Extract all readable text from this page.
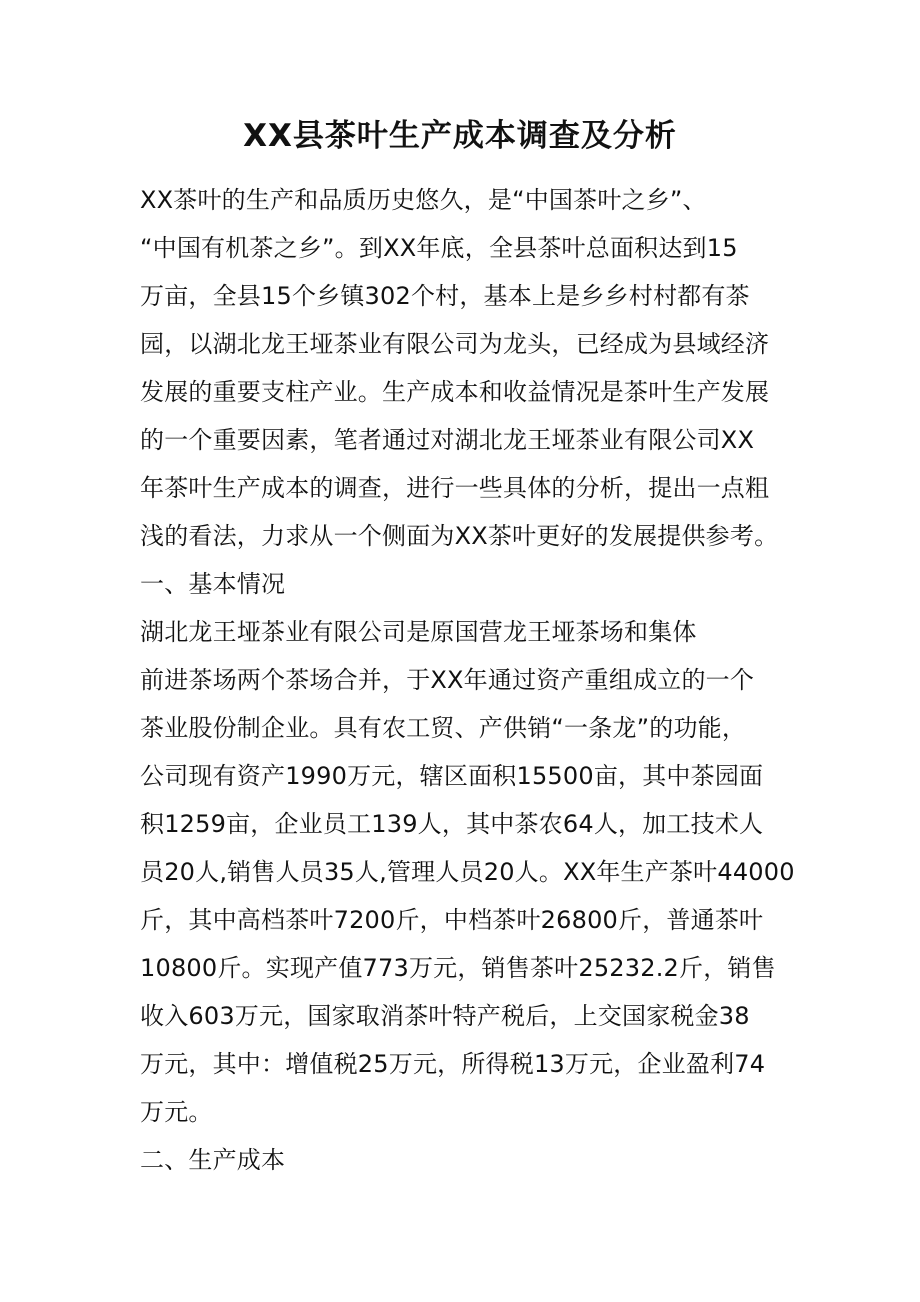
XX县茶叶生产成本调查及分析
XX茶叶的生产和品质历史悠久，是“中国茶叶之乡”、
“中国有机茶之乡”。到XX年底，全县茶叶总面积达到15
万亩，全县15个乡镇302个村，基本上是乡乡村村都有茶
园，以湖北龙王垭茶业有限公司为龙头，已经成为县域经济
发展的重要支柱产业。生产成本和收益情况是茶叶生产发展
的一个重要因素，笔者通过对湖北龙王垭茶业有限公司XX
年茶叶生产成本的调查，进行一些具体的分析，提出一点粗
浅的看法，力求从一个侧面为XX茶叶更好的发展提供参考。
一、基本情况
湖北龙王垭茶业有限公司是原国营龙王垭茶场和集体
前进茶场两个茶场合并，于XX年通过资产重组成立的一个
茶业股份制企业。具有农工贸、产供销“一条龙”的功能，
公司现有资产1990万元，辖区面积15500亩，其中茶园面
积1259亩，企业员工139人，其中茶农64人，加工技术人
员20人,销售人员35人,管理人员20人。XX年生产茶叶44000
斤，其中高档茶叶7200斤，中档茶叶26800斤，普通茶叶
10800斤。实现产值773万元，销售茶叶25232.2斤，销售
收入603万元，国家取消茶叶特产税后，上交国家税金38
万元，其中：增值税25万元，所得税13万元，企业盈利74
万元。
二、生产成本
